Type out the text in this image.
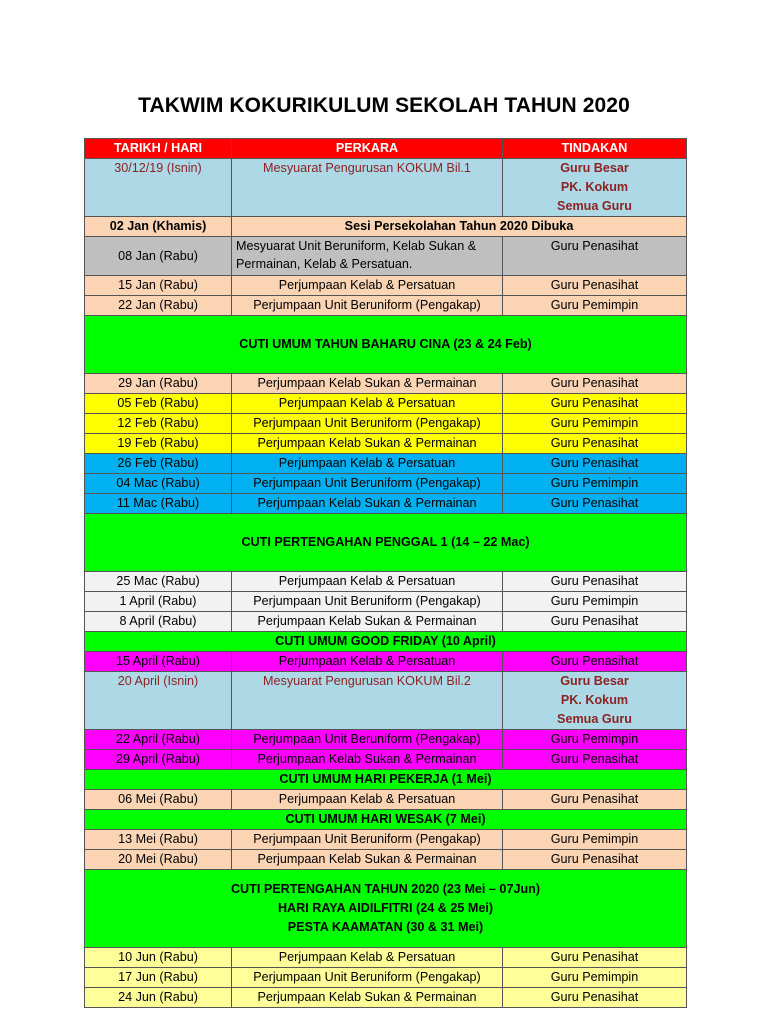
TAKWIM KOKURIKULUM SEKOLAH TAHUN 2020
TARIKH / HARI	PERKARA	TINDAKAN
30/12/19 (Isnin)	Mesyuarat Pengurusan KOKUM Bil.1	Guru Besar
PK. Kokum
Semua Guru

02 Jan (Khamis)	Sesi Persekolahan Tahun 2020 Dibuka	
08 Jan (Rabu)	Mesyuarat Unit Beruniform, Kelab Sukan & Permainan, Kelab & Persatuan.	Guru Penasihat
15 Jan (Rabu)	Perjumpaan Kelab & Persatuan	Guru Penasihat
22 Jan (Rabu)	Perjumpaan Unit Beruniform (Pengakap)	Guru Pemimpin
CUTI UMUM TAHUN BAHARU CINA (23 & 24 Feb)		
29 Jan (Rabu)	Perjumpaan Kelab Sukan & Permainan	Guru Penasihat
05 Feb (Rabu)	Perjumpaan Kelab & Persatuan	Guru Penasihat
12 Feb (Rabu)	Perjumpaan Unit Beruniform (Pengakap)	Guru Pemimpin
19 Feb (Rabu)	Perjumpaan Kelab Sukan & Permainan	Guru Penasihat
26 Feb (Rabu)	Perjumpaan Kelab & Persatuan	Guru Penasihat
04 Mac (Rabu)	Perjumpaan Unit Beruniform (Pengakap)	Guru Pemimpin
11 Mac (Rabu)	Perjumpaan Kelab Sukan & Permainan	Guru Penasihat
CUTI PERTENGAHAN PENGGAL 1 (14 – 22 Mac)		
25 Mac (Rabu)	Perjumpaan Kelab & Persatuan	Guru Penasihat
1 April (Rabu)	Perjumpaan Unit Beruniform (Pengakap)	Guru Pemimpin
8 April (Rabu)	Perjumpaan Kelab Sukan & Permainan	Guru Penasihat
CUTI UMUM GOOD FRIDAY (10 April)		
15 April (Rabu)	Perjumpaan Kelab & Persatuan	Guru Penasihat
20 April (Isnin)	Mesyuarat Pengurusan KOKUM Bil.2	Guru Besar
PK. Kokum
Semua Guru

22 April (Rabu)	Perjumpaan Unit Beruniform (Pengakap)	Guru Pemimpin
29 April (Rabu)	Perjumpaan Kelab Sukan & Permainan	Guru Penasihat
CUTI UMUM HARI PEKERJA (1 Mei)		
06 Mei (Rabu)	Perjumpaan Kelab & Persatuan	Guru Penasihat
CUTI UMUM HARI WESAK (7 Mei)		
13 Mei (Rabu)	Perjumpaan Unit Beruniform (Pengakap)	Guru Pemimpin
20 Mei (Rabu)	Perjumpaan Kelab Sukan & Permainan	Guru Penasihat

CUTI PERTENGAHAN TAHUN 2020 (23 Mei – 07Jun)
HARI RAYA AIDILFITRI (24 & 25 Mei)
PESTA KAAMATAN (30 & 31 Mei)		

10 Jun (Rabu)	Perjumpaan Kelab & Persatuan	Guru Penasihat
17 Jun (Rabu)	Perjumpaan Unit Beruniform (Pengakap)	Guru Pemimpin
24 Jun (Rabu)	Perjumpaan Kelab Sukan & Permainan	Guru Penasihat
